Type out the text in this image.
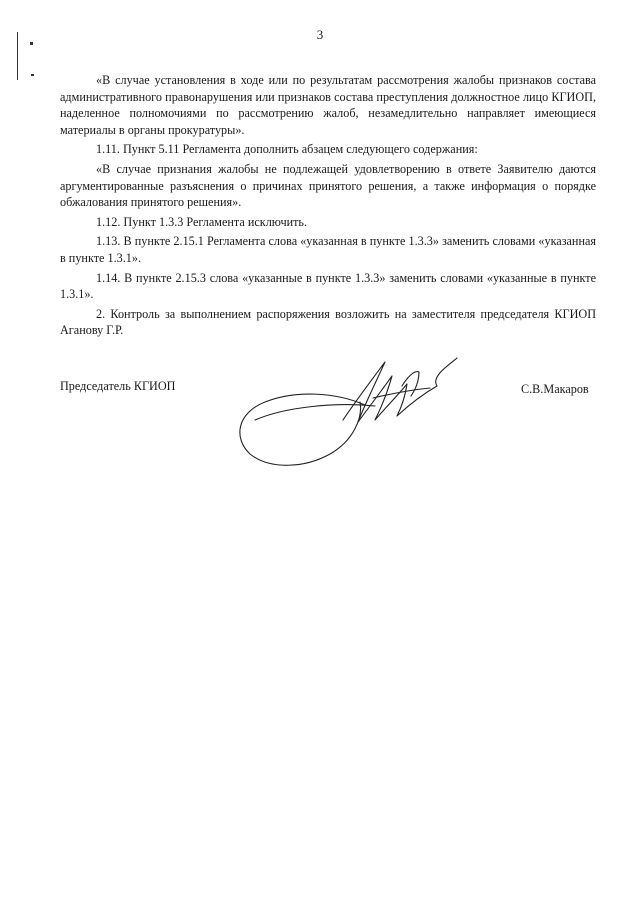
3

«В случае установления в ходе или по результатам рассмотрения жалобы признаков состава административного правонарушения или признаков состава преступления должностное лицо КГИОП, наделенное полномочиями по рассмотрению жалоб, незамедлительно направляет имеющиеся материалы в органы прокуратуры».

1.11. Пункт 5.11 Регламента дополнить абзацем следующего содержания:

«В случае признания жалобы не подлежащей удовлетворению в ответе Заявителю даются аргументированные разъяснения о причинах принятого решения, а также информация о порядке обжалования принятого решения».

1.12. Пункт 1.3.3 Регламента исключить.

1.13. В пункте 2.15.1 Регламента слова «указанная в пункте 1.3.3» заменить словами «указанная в пункте 1.3.1».

1.14. В пункте 2.15.3 слова «указанные в пункте 1.3.3» заменить словами «указанные в пункте 1.3.1».

2. Контроль за выполнением распоряжения возложить на заместителя председателя КГИОП Аганову Г.Р.

Председатель КГИОП	С.В.Макаров
